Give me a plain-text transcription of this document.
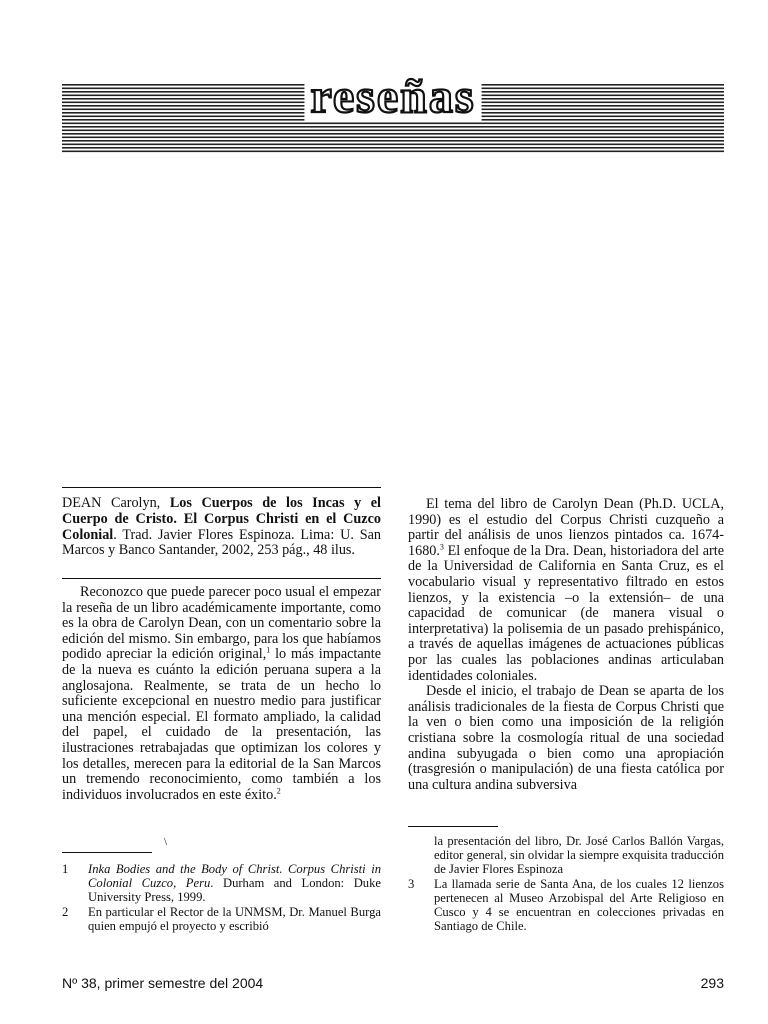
reseñas
DEAN Carolyn, Los Cuerpos de los Incas y el Cuerpo de Cristo. El Corpus Christi en el Cuzco Colonial. Trad. Javier Flores Espinoza. Lima: U. San Marcos y Banco Santander, 2002, 253 pág., 48 ilus.

Reconozco que puede parecer poco usual el empezar la reseña de un libro académicamente importante, como es la obra de Carolyn Dean, con un comentario sobre la edición del mismo. Sin embargo, para los que habíamos podido apreciar la edición original,$^1$ lo más impactante de la nueva es cuánto la edición peruana supera a la anglosajona. Realmente, se trata de un hecho lo suficiente excepcional en nuestro medio para justificar una mención especial. El formato ampliado, la calidad del papel, el cuidado de la presentación, las ilustraciones retrabajadas que optimizan los colores y los detalles, merecen para la editorial de la San Marcos un tremendo reconocimiento, como también a los individuos involucrados en este éxito.$^2$

\
1	Inka Bodies and the Body of Christ. Corpus Christi in Colonial Cuzco, Peru. Durham and London: Duke University Press, 1999.
2	En particular el Rector de la UNMSM, Dr. Manuel Burga quien empujó el proyecto y escribió

El tema del libro de Carolyn Dean (Ph.D. UCLA, 1990) es el estudio del Corpus Christi cuzqueño a partir del análisis de unos lienzos pintados ca. 1674-1680.$^3$ El enfoque de la Dra. Dean, historiadora del arte de la Universidad de California en Santa Cruz, es el vocabulario visual y representativo filtrado en estos lienzos, y la existencia –o la extensión– de una capacidad de comunicar (de manera visual o interpretativa) la polisemia de un pasado prehispánico, a través de aquellas imágenes de actuaciones públicas por las cuales las poblaciones andinas articulaban identidades coloniales.

Desde el inicio, el trabajo de Dean se aparta de los análisis tradicionales de la fiesta de Corpus Christi que la ven o bien como una imposición de la religión cristiana sobre la cosmología ritual de una sociedad andina subyugada o bien como una apropiación (trasgresión o manipulación) de una fiesta católica por una cultura andina subversiva

la presentación del libro, Dr. José Carlos Ballón Vargas, editor general, sin olvidar la siempre exquisita traducción de Javier Flores Espinoza
3	La llamada serie de Santa Ana, de los cuales 12 lienzos pertenecen al Museo Arzobispal del Arte Religioso en Cusco y 4 se encuentran en colecciones privadas en Santiago de Chile.
Nº 38, primer semestre del 2004	293
